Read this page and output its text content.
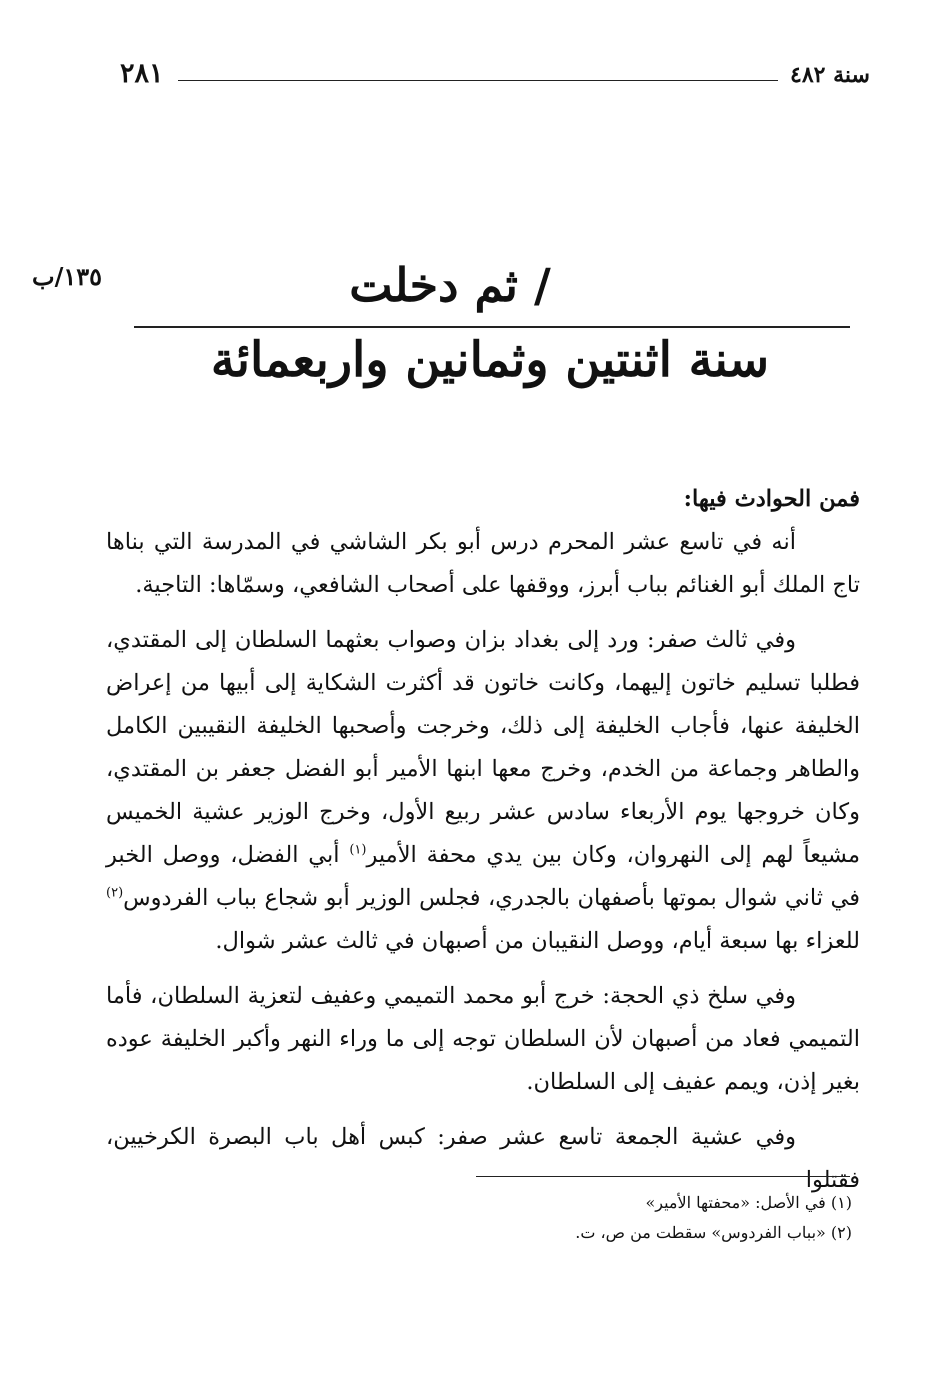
سنة ٤٨٢
٢٨١
١٣٥/ب	/ ثم دخلت
سنة اثنتين وثمانين واربعمائة

فمن الحوادث فيها:

أنه في تاسع عشر المحرم درس أبو بكر الشاشي في المدرسة التي بناها تاج الملك أبو الغنائم بباب أبرز، ووقفها على أصحاب الشافعي، وسمّاها: التاجية.

وفي ثالث صفر: ورد إلى بغداد بزان وصواب بعثهما السلطان إلى المقتدي، فطلبا تسليم خاتون إليهما، وكانت خاتون قد أكثرت الشكاية إلى أبيها من إعراض الخليفة عنها، فأجاب الخليفة إلى ذلك، وخرجت وأصحبها الخليفة النقيبين الكامل والطاهر وجماعة من الخدم، وخرج معها ابنها الأمير أبو الفضل جعفر بن المقتدي، وكان خروجها يوم الأربعاء سادس عشر ربيع الأول، وخرج الوزير عشية الخميس مشيعاً لهم إلى النهروان، وكان بين يدي محفة الأمير$^{(١)}$ أبي الفضل، ووصل الخبر في ثاني شوال بموتها بأصفهان بالجدري، فجلس الوزير أبو شجاع بباب الفردوس$^{(٢)}$ للعزاء بها سبعة أيام، ووصل النقيبان من أصبهان في ثالث عشر شوال.

وفي سلخ ذي الحجة: خرج أبو محمد التميمي وعفيف لتعزية السلطان، فأما التميمي فعاد من أصبهان لأن السلطان توجه إلى ما وراء النهر وأكبر الخليفة عوده بغير إذن، ويمم عفيف إلى السلطان.

وفي عشية الجمعة تاسع عشر صفر: كبس أهل باب البصرة الكرخيين، فقتلوا

(١) في الأصل: «محفتها الأمير»
(٢) «بباب الفردوس» سقطت من ص، ت.
